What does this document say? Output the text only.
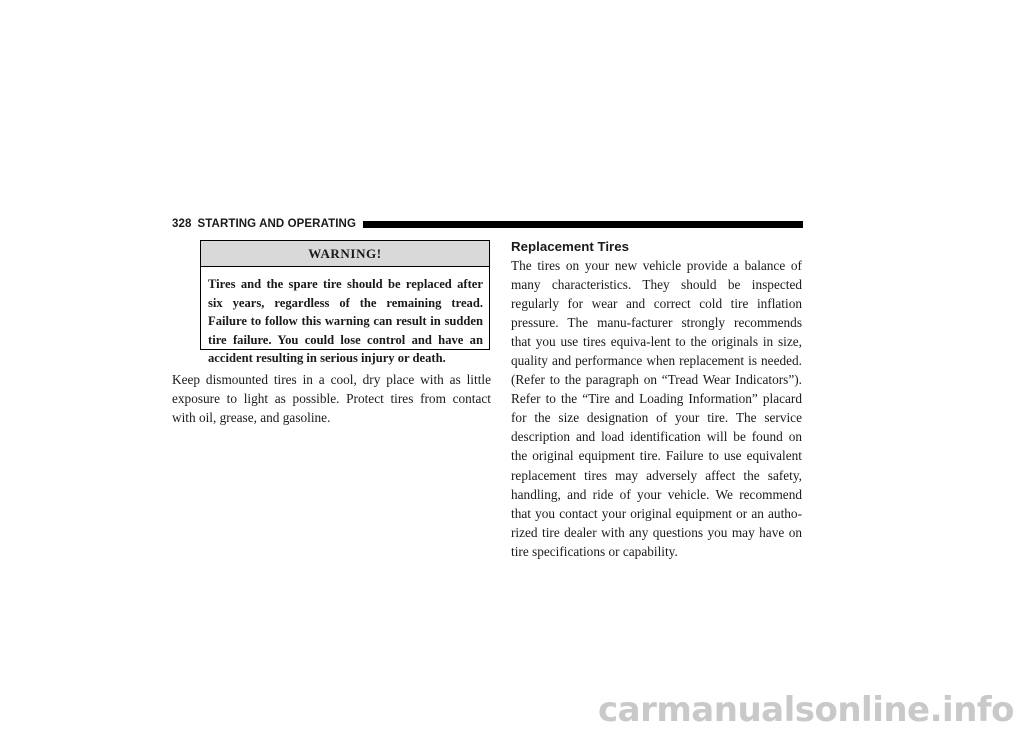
328 STARTING AND OPERATING
WARNING!
Tires and the spare tire should be replaced after six years, regardless of the remaining tread. Failure to follow this warning can result in sudden tire failure. You could lose control and have an accident resulting in serious injury or death.
Keep dismounted tires in a cool, dry place with as little exposure to light as possible. Protect tires from contact with oil, grease, and gasoline.
Replacement Tires

The tires on your new vehicle provide a balance of many characteristics. They should be inspected regularly for wear and correct cold tire inflation pressure. The manu-facturer strongly recommends that you use tires equiva-lent to the originals in size, quality and performance when replacement is needed. (Refer to the paragraph on “Tread Wear Indicators”). Refer to the “Tire and Loading Information” placard for the size designation of your tire. The service description and load identification will be found on the original equipment tire. Failure to use equivalent replacement tires may adversely affect the safety, handling, and ride of your vehicle. We recommend that you contact your original equipment or an autho-rized tire dealer with any questions you may have on tire specifications or capability.

carmanualsonline.info
